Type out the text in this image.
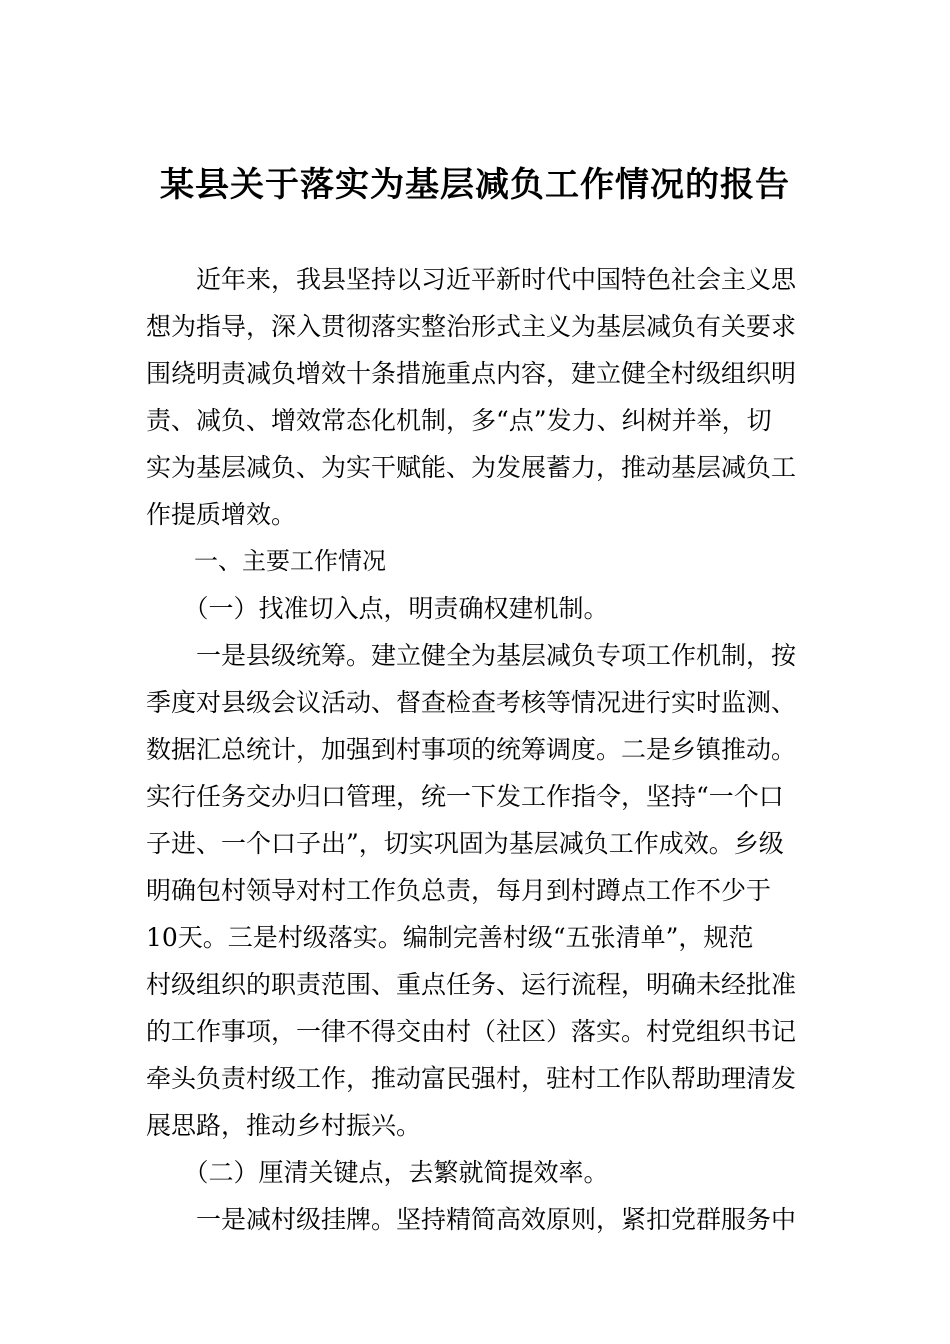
某县关于落实为基层减负工作情况的报告
　　近年来，我县坚持以习近平新时代中国特色社会主义思
想为指导，深入贯彻落实整治形式主义为基层减负有关要求
围绕明责减负增效十条措施重点内容，建立健全村级组织明
责、减负、增效常态化机制，多“点”发力、纠树并举，切
实为基层减负、为实干赋能、为发展蓄力，推动基层减负工
作提质增效。
　　一、主要工作情况
　　（一）找准切入点，明责确权建机制。
　　一是县级统筹。建立健全为基层减负专项工作机制，按
季度对县级会议活动、督查检查考核等情况进行实时监测、
数据汇总统计，加强到村事项的统筹调度。二是乡镇推动。
实行任务交办归口管理，统一下发工作指令，坚持“一个口
子进、一个口子出”，切实巩固为基层减负工作成效。乡级
明确包村领导对村工作负总责，每月到村蹲点工作不少于
10天。三是村级落实。编制完善村级“五张清单”，规范
村级组织的职责范围、重点任务、运行流程，明确未经批准
的工作事项，一律不得交由村（社区）落实。村党组织书记
牵头负责村级工作，推动富民强村，驻村工作队帮助理清发
展思路，推动乡村振兴。
　　（二）厘清关键点，去繁就简提效率。
　　一是减村级挂牌。坚持精简高效原则，紧扣党群服务中
